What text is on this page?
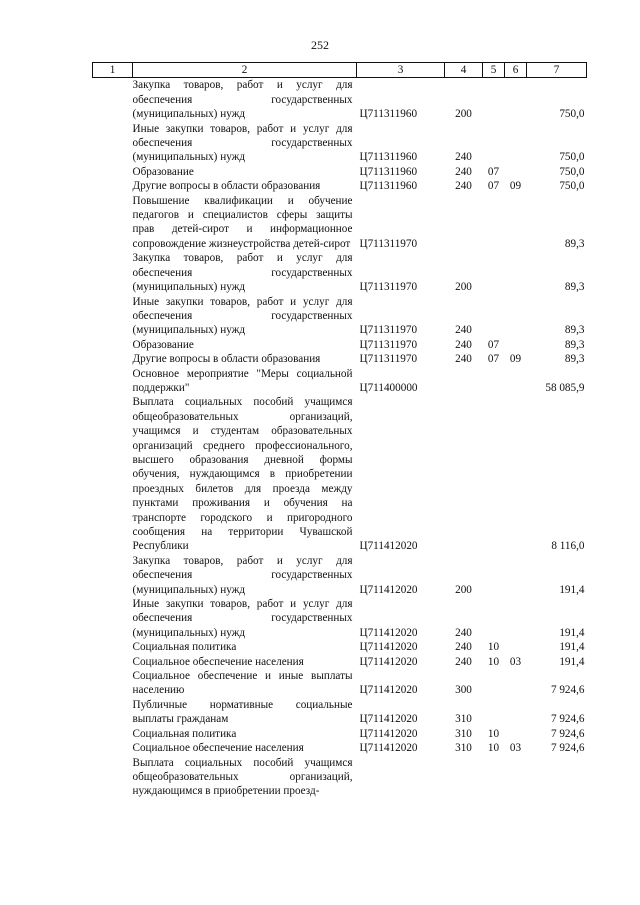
252
1	2	3	4	5	6	7
	Закупка товаров, работ и услуг для обеспечения государственных (муниципальных) нужд	Ц711311960	200			750,0
	Иные закупки товаров, работ и услуг для обеспечения государственных (муниципальных) нужд	Ц711311960	240			750,0
	Образование	Ц711311960	240	07		750,0
	Другие вопросы в области образования	Ц711311960	240	07	09	750,0
	Повышение квалификации и обучение педагогов и специалистов сферы защиты прав детей-сирот и информационное сопровождение жизнеустройства детей-сирот	Ц711311970				89,3
	Закупка товаров, работ и услуг для обеспечения государственных (муниципальных) нужд	Ц711311970	200			89,3
	Иные закупки товаров, работ и услуг для обеспечения государственных (муниципальных) нужд	Ц711311970	240			89,3
	Образование	Ц711311970	240	07		89,3
	Другие вопросы в области образования	Ц711311970	240	07	09	89,3
	Основное мероприятие "Меры социальной поддержки"	Ц711400000				58 085,9
	Выплата социальных пособий учащимся общеобразовательных организаций, учащимся и студентам образовательных организаций среднего профессионального, высшего образования дневной формы обучения, нуждающимся в приобретении проездных билетов для проезда между пунктами проживания и обучения на транспорте городского и пригородного сообщения на территории Чувашской Республики	Ц711412020				8 116,0
	Закупка товаров, работ и услуг для обеспечения государственных (муниципальных) нужд	Ц711412020	200			191,4
	Иные закупки товаров, работ и услуг для обеспечения государственных (муниципальных) нужд	Ц711412020	240			191,4
	Социальная политика	Ц711412020	240	10		191,4
	Социальное обеспечение населения	Ц711412020	240	10	03	191,4
	Социальное обеспечение и иные выплаты населению	Ц711412020	300			7 924,6
	Публичные нормативные социальные выплаты гражданам	Ц711412020	310			7 924,6
	Социальная политика	Ц711412020	310	10		7 924,6
	Социальное обеспечение населения	Ц711412020	310	10	03	7 924,6
	Выплата социальных пособий учащимся общеобразовательных организаций, нуждающимся в приобретении проезд-					
